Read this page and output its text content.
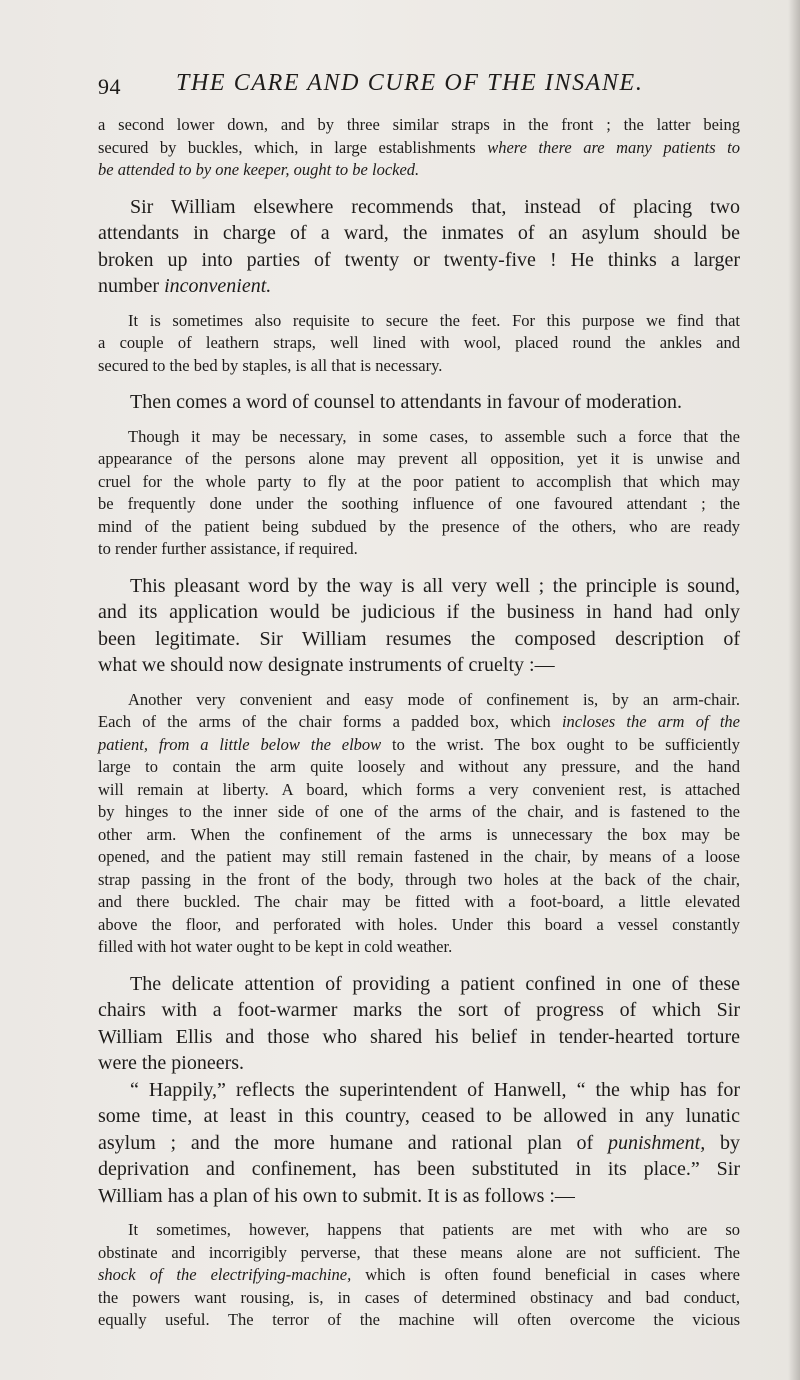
94 THE CARE AND CURE OF THE INSANE.

a second lower down, and by three similar straps in the front ; the latter being
secured by buckles, which, in large establishments where there are many patients to
be attended to by one keeper, ought to be locked.

Sir William elsewhere recommends that, instead of placing two
attendants in charge of a ward, the inmates of an asylum should be
broken up into parties of twenty or twenty-five ! He thinks a larger
number inconvenient.

It is sometimes also requisite to secure the feet. For this purpose we find that
a couple of leathern straps, well lined with wool, placed round the ankles and
secured to the bed by staples, is all that is necessary.

Then comes a word of counsel to attendants in favour of moderation.

Though it may be necessary, in some cases, to assemble such a force that the
appearance of the persons alone may prevent all opposition, yet it is unwise and
cruel for the whole party to fly at the poor patient to accomplish that which may
be frequently done under the soothing influence of one favoured attendant ; the
mind of the patient being subdued by the presence of the others, who are ready
to render further assistance, if required.

This pleasant word by the way is all very well ; the principle is sound,
and its application would be judicious if the business in hand had only
been legitimate. Sir William resumes the composed description of
what we should now designate instruments of cruelty :—

Another very convenient and easy mode of confinement is, by an arm-chair.
Each of the arms of the chair forms a padded box, which incloses the arm of the
patient, from a little below the elbow to the wrist. The box ought to be sufficiently
large to contain the arm quite loosely and without any pressure, and the hand
will remain at liberty. A board, which forms a very convenient rest, is attached
by hinges to the inner side of one of the arms of the chair, and is fastened to the
other arm. When the confinement of the arms is unnecessary the box may be
opened, and the patient may still remain fastened in the chair, by means of a loose
strap passing in the front of the body, through two holes at the back of the chair,
and there buckled. The chair may be fitted with a foot-board, a little elevated
above the floor, and perforated with holes. Under this board a vessel constantly
filled with hot water ought to be kept in cold weather.

The delicate attention of providing a patient confined in one of these
chairs with a foot-warmer marks the sort of progress of which Sir
William Ellis and those who shared his belief in tender-hearted torture
were the pioneers.

“ Happily,” reflects the superintendent of Hanwell, “ the whip has for
some time, at least in this country, ceased to be allowed in any lunatic
asylum ; and the more humane and rational plan of punishment, by
deprivation and confinement, has been substituted in its place.” Sir
William has a plan of his own to submit. It is as follows :—

It sometimes, however, happens that patients are met with who are so
obstinate and incorrigibly perverse, that these means alone are not sufficient. The
shock of the electrifying-machine, which is often found beneficial in cases where
the powers want rousing, is, in cases of determined obstinacy and bad conduct,
equally useful. The terror of the machine will often overcome the vicious
